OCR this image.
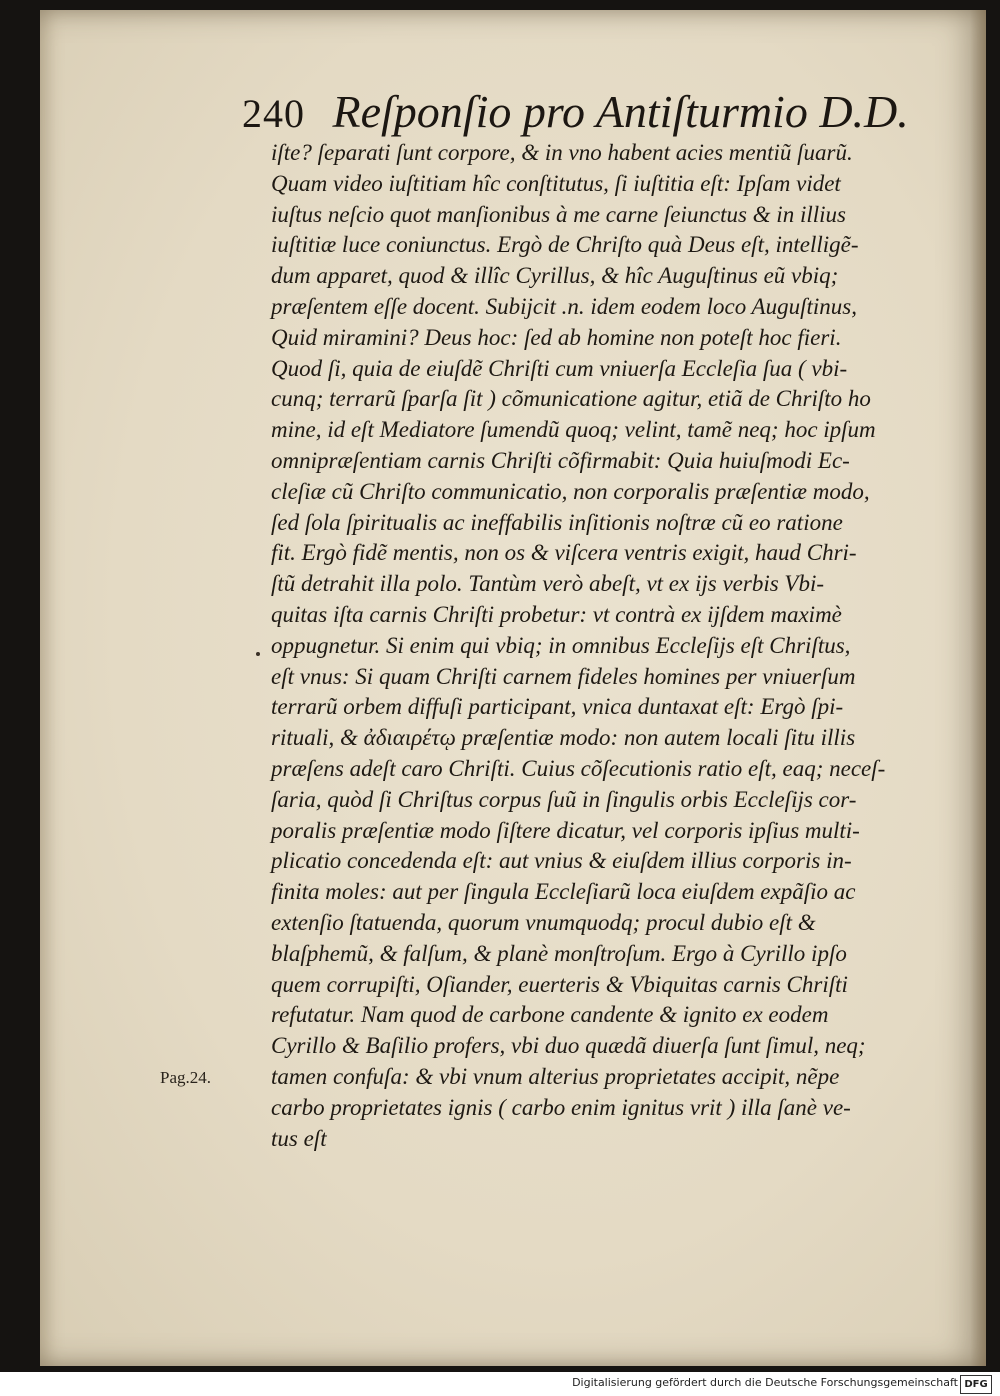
240 Reſponſio pro Antiſturmio D.D.
iſte? ſeparati ſunt corpore, & in vno habent acies mentiũ ſuarũ.
Quam video iuſtitiam hîc conſtitutus, ſi iuſtitia eſt: Ipſam videt
iuſtus neſcio quot manſionibus à me carne ſeiunctus & in illius
iuſtitiæ luce coniunctus. Ergò de Chriſto quà Deus eſt, intelligẽ-
dum apparet, quod & illîc Cyrillus, & hîc Auguſtinus eũ vbiq;
præſentem eſſe docent. Subijcit .n. idem eodem loco Auguſtinus,
Quid miramini? Deus hoc: ſed ab homine non poteſt hoc fieri.
Quod ſi, quia de eiuſdẽ Chriſti cum vniuerſa Eccleſia ſua ( vbi-
cunq; terrarũ ſparſa ſit ) cõmunicatione agitur, etiã de Chriſto ho
mine, id eſt Mediatore ſumendũ quoq; velint, tamẽ neq; hoc ipſum
omnipræſentiam carnis Chriſti cõfirmabit: Quia huiuſmodi Ec-
cleſiæ cũ Chriſto communicatio, non corporalis præſentiæ modo,
ſed ſola ſpiritualis ac ineffabilis inſitionis noſtræ cũ eo ratione
fit. Ergò fidẽ mentis, non os & viſcera ventris exigit, haud Chri-
ſtũ detrahit illa polo. Tantùm verò abeſt, vt ex ijs verbis Vbi-
quitas iſta carnis Chriſti probetur: vt contrà ex ijſdem maximè
oppugnetur. Si enim qui vbiq; in omnibus Eccleſijs eſt Chriſtus,
eſt vnus: Si quam Chriſti carnem fideles homines per vniuerſum
terrarũ orbem diffuſi participant, vnica duntaxat eſt: Ergò ſpi-
rituali, & ἀδιαιρέτῳ præſentiæ modo: non autem locali ſitu illis
præſens adeſt caro Chriſti. Cuius cõſecutionis ratio eſt, eaq; neceſ-
ſaria, quòd ſi Chriſtus corpus ſuũ in ſingulis orbis Eccleſijs cor-
poralis præſentiæ modo ſiſtere dicatur, vel corporis ipſius multi-
plicatio concedenda eſt: aut vnius & eiuſdem illius corporis in-
finita moles: aut per ſingula Eccleſiarũ loca eiuſdem expãſio ac
extenſio ſtatuenda, quorum vnumquodq; procul dubio eſt &
blaſphemũ, & falſum, & planè monſtroſum. Ergo à Cyrillo ipſo
quem corrupiſti, Oſiander, euerteris & Vbiquitas carnis Chriſti
refutatur. Nam quod de carbone candente & ignito ex eodem
Cyrillo & Baſilio profers, vbi duo quædã diuerſa ſunt ſimul, neq;
tamen confuſa: & vbi vnum alterius proprietates accipit, nẽpe
carbo proprietates ignis ( carbo enim ignitus vrit ) illa ſanè ve-
tus eſt
Pag.24.
Digitalisierung gefördert durch die Deutsche Forschungsgemeinschaft DFG
